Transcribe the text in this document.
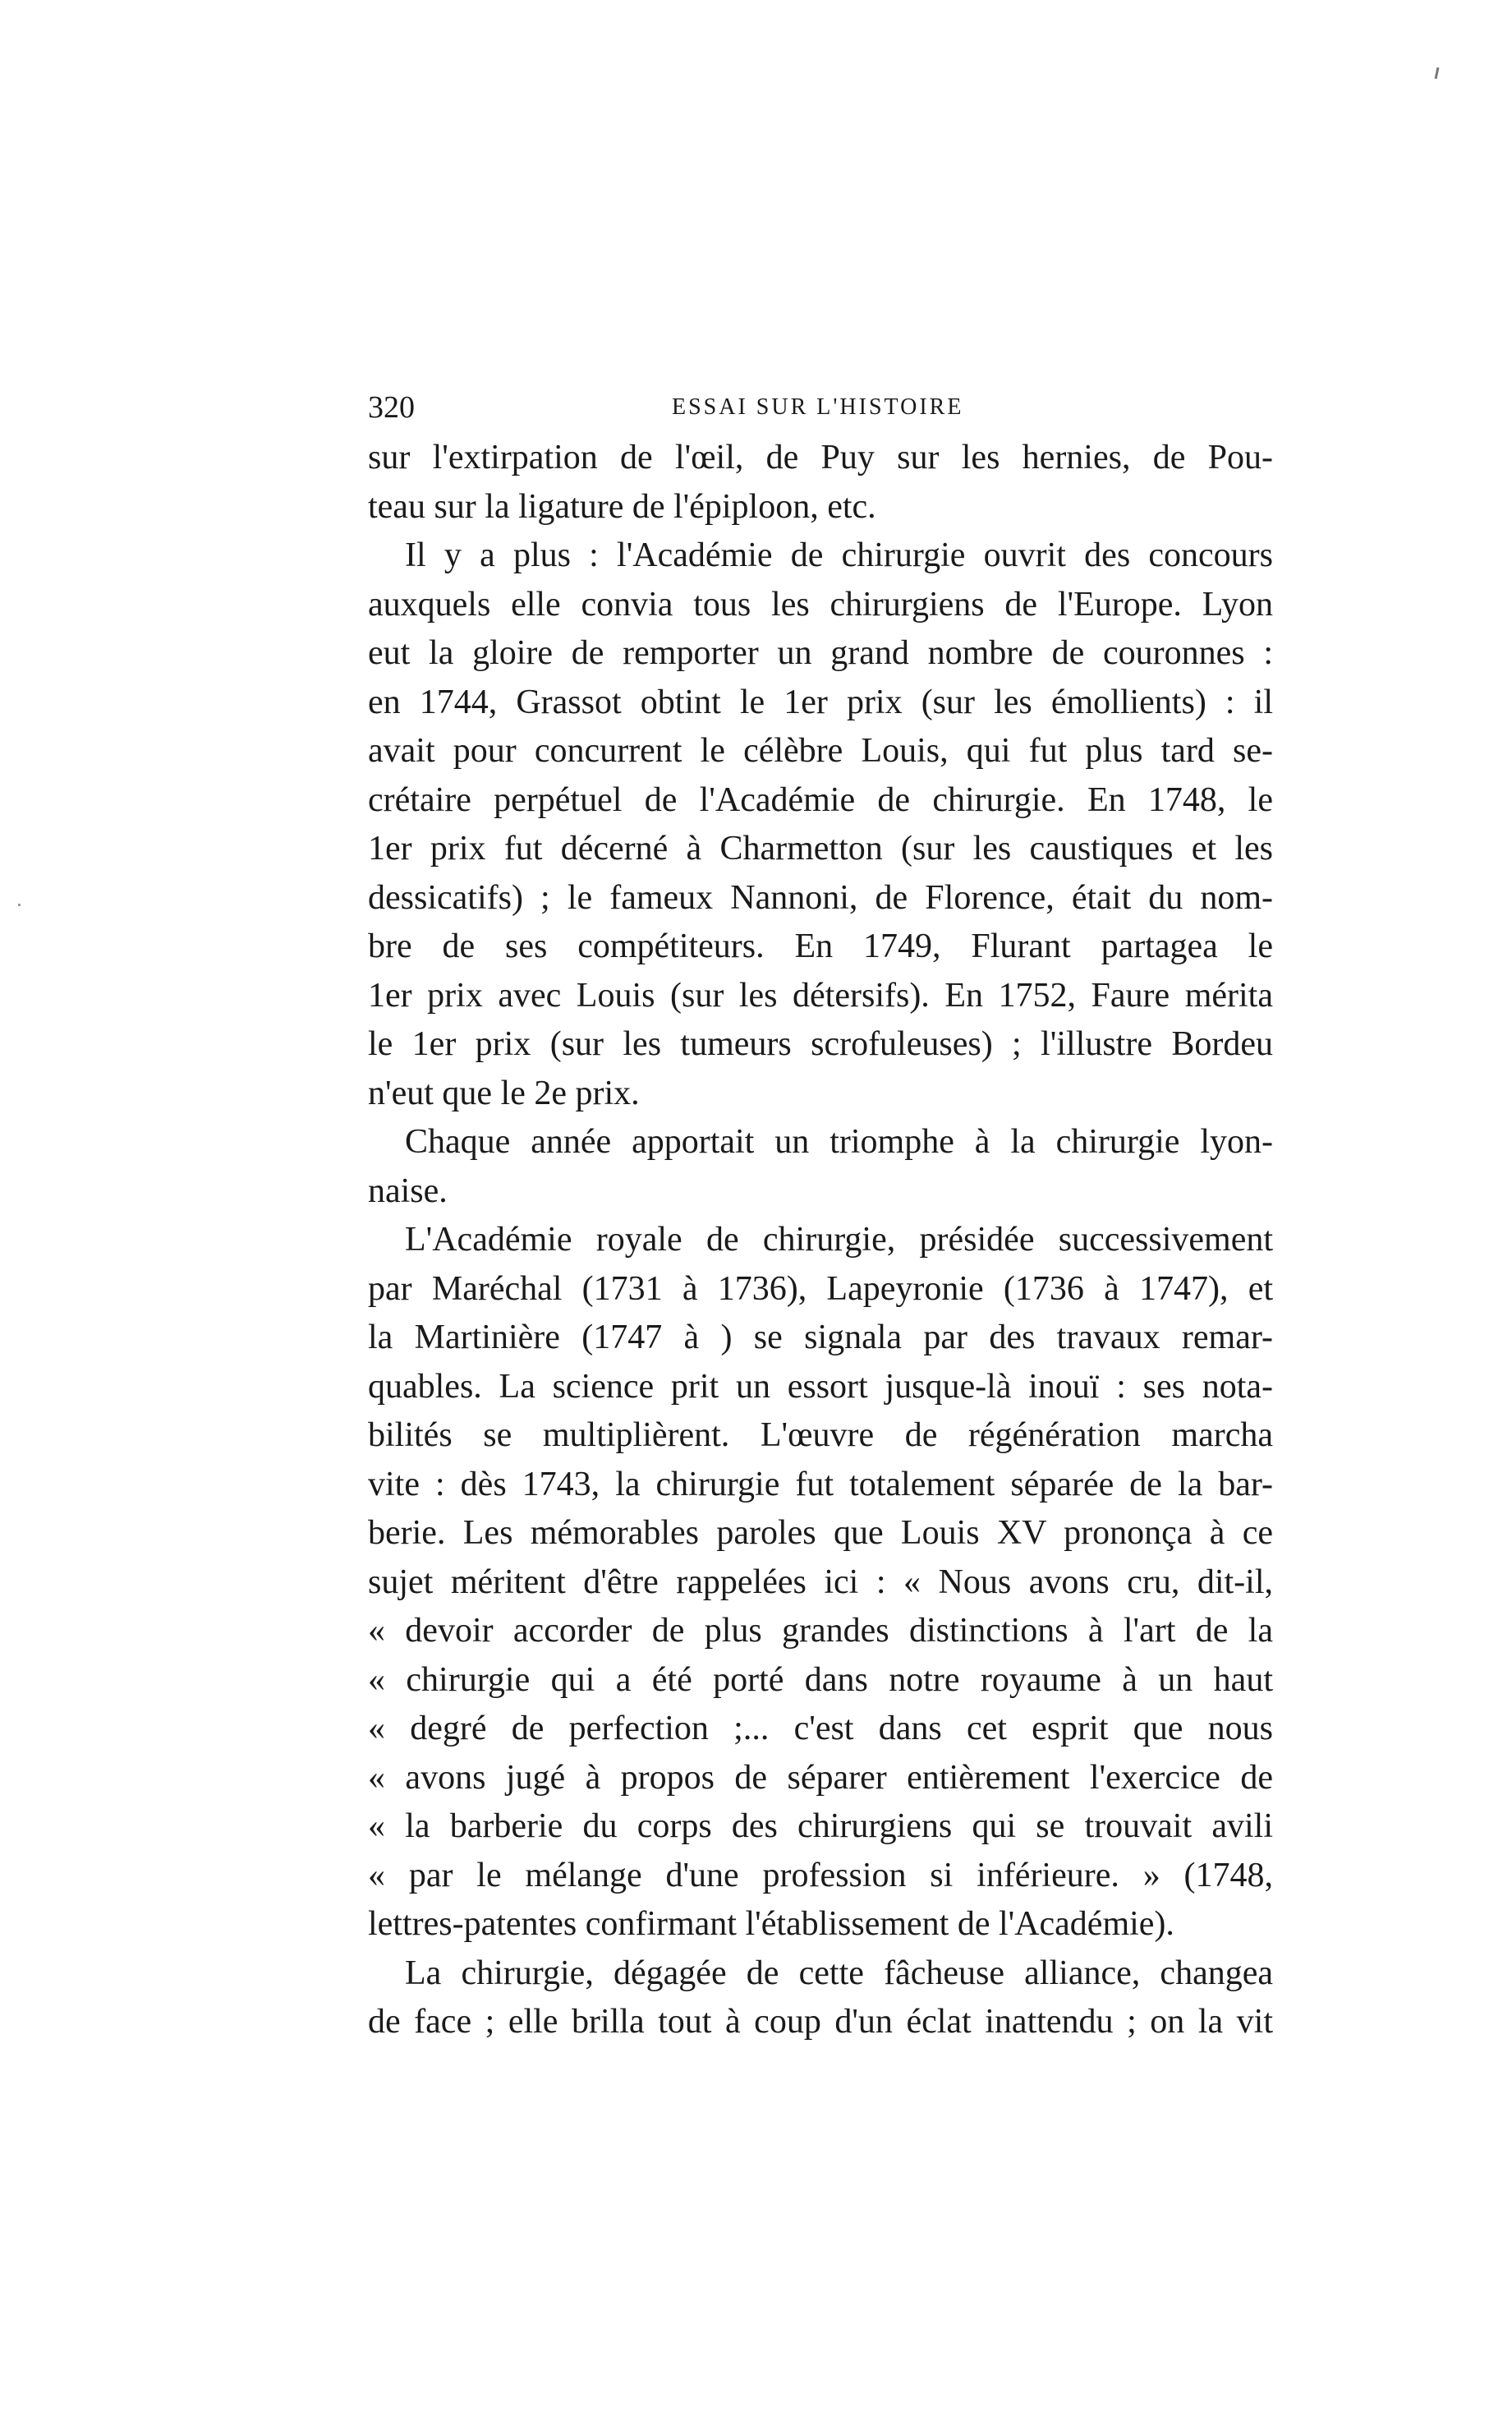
320	ESSAI SUR L'HISTOIRE
sur l'extirpation de l'œil, de Puy sur les hernies, de Pou-
teau sur la ligature de l'épiploon, etc.
Il y a plus : l'Académie de chirurgie ouvrit des concours
auxquels elle convia tous les chirurgiens de l'Europe. Lyon
eut la gloire de remporter un grand nombre de couronnes :
en 1744, Grassot obtint le 1er prix (sur les émollients) : il
avait pour concurrent le célèbre Louis, qui fut plus tard se-
crétaire perpétuel de l'Académie de chirurgie. En 1748, le
1er prix fut décerné à Charmetton (sur les caustiques et les
dessicatifs) ; le fameux Nannoni, de Florence, était du nom-
bre de ses compétiteurs. En 1749, Flurant partagea le
1er prix avec Louis (sur les détersifs). En 1752, Faure mérita
le 1er prix (sur les tumeurs scrofuleuses) ; l'illustre Bordeu
n'eut que le 2e prix.
Chaque année apportait un triomphe à la chirurgie lyon-
naise.
L'Académie royale de chirurgie, présidée successivement
par Maréchal (1731 à 1736), Lapeyronie (1736 à 1747), et
la Martinière (1747 à ) se signala par des travaux remar-
quables. La science prit un essort jusque-là inouï : ses nota-
bilités se multiplièrent. L'œuvre de régénération marcha
vite : dès 1743, la chirurgie fut totalement séparée de la bar-
berie. Les mémorables paroles que Louis XV prononça à ce
sujet méritent d'être rappelées ici : « Nous avons cru, dit-il,
« devoir accorder de plus grandes distinctions à l'art de la
« chirurgie qui a été porté dans notre royaume à un haut
« degré de perfection ;... c'est dans cet esprit que nous
« avons jugé à propos de séparer entièrement l'exercice de
« la barberie du corps des chirurgiens qui se trouvait avili
« par le mélange d'une profession si inférieure. » (1748,
lettres-patentes confirmant l'établissement de l'Académie).
La chirurgie, dégagée de cette fâcheuse alliance, changea
de face ; elle brilla tout à coup d'un éclat inattendu ; on la vit
